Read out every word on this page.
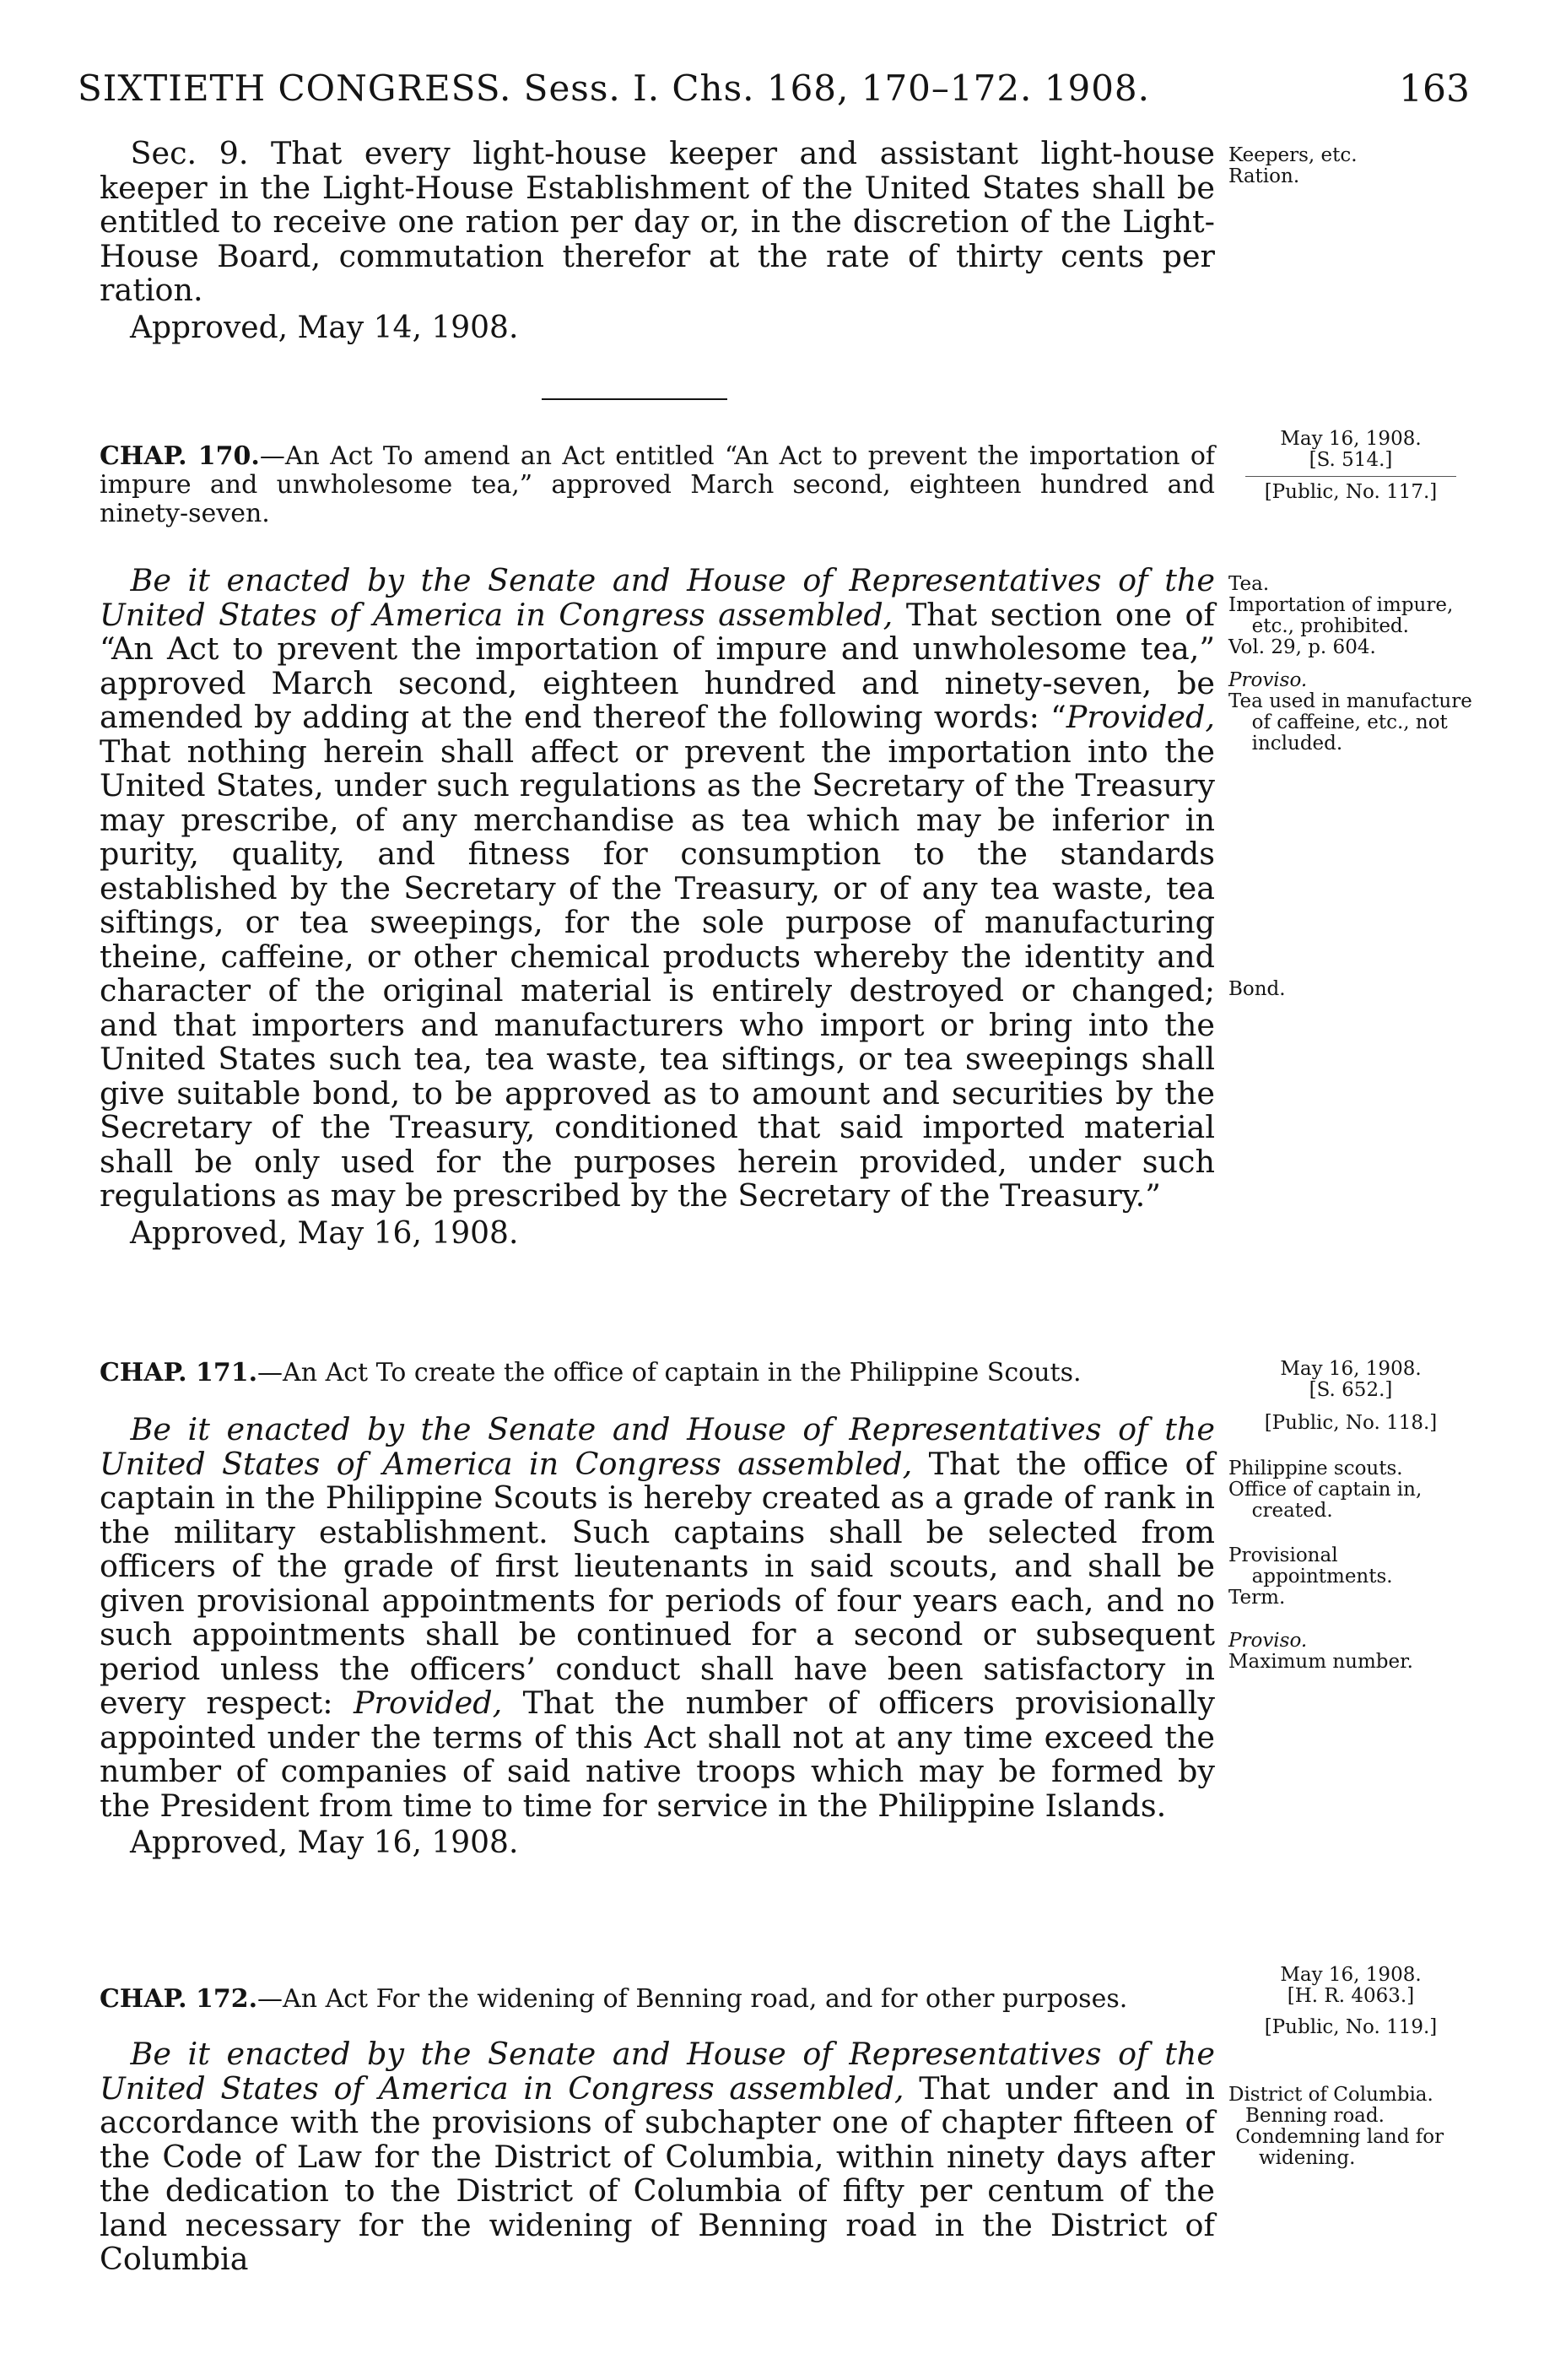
SIXTIETH CONGRESS. Sess. I. Chs. 168, 170–172. 1908.	163

Sec. 9. That every light-house keeper and assistant light-house keeper in the Light-House Establishment of the United States shall be entitled to receive one ration per day or, in the discretion of the Light-House Board, commutation therefor at the rate of thirty cents per ration.

Approved, May 14, 1908.

Keepers, etc.
Ration.

CHAP. 170.—An Act To amend an Act entitled “An Act to prevent the importation of impure and unwholesome tea,” approved March second, eighteen hundred and ninety-seven.

Be it enacted by the Senate and House of Representatives of the United States of America in Congress assembled, That section one of “An Act to prevent the importation of impure and unwholesome tea,” approved March second, eighteen hundred and ninety-seven, be amended by adding at the end thereof the following words: “Provided, That nothing herein shall affect or prevent the importation into the United States, under such regulations as the Secretary of the Treasury may prescribe, of any merchandise as tea which may be inferior in purity, quality, and fitness for consumption to the standards established by the Secretary of the Treasury, or of any tea waste, tea siftings, or tea sweepings, for the sole purpose of manufacturing theine, caffeine, or other chemical products whereby the identity and character of the original material is entirely destroyed or changed; and that importers and manufacturers who import or bring into the United States such tea, tea waste, tea siftings, or tea sweepings shall give suitable bond, to be approved as to amount and securities by the Secretary of the Treasury, conditioned that said imported material shall be only used for the purposes herein provided, under such regulations as may be prescribed by the Secretary of the Treasury.”

Approved, May 16, 1908.

May 16, 1908.
[S. 514.]
[Public, No. 117.]
Tea.
Importation of impure, etc., prohibited.
Vol. 29, p. 604.
Proviso.
Tea used in manufacture of caffeine, etc., not included.
Bond.

CHAP. 171.—An Act To create the office of captain in the Philippine Scouts.

Be it enacted by the Senate and House of Representatives of the United States of America in Congress assembled, That the office of captain in the Philippine Scouts is hereby created as a grade of rank in the military establishment. Such captains shall be selected from officers of the grade of first lieutenants in said scouts, and shall be given provisional appointments for periods of four years each, and no such appointments shall be continued for a second or subsequent period unless the officers’ conduct shall have been satisfactory in every respect: Provided, That the number of officers provisionally appointed under the terms of this Act shall not at any time exceed the number of companies of said native troops which may be formed by the President from time to time for service in the Philippine Islands.

Approved, May 16, 1908.

May 16, 1908.
[S. 652.]
[Public, No. 118.]
Philippine scouts.
Office of captain in, created.
Provisional appointments.
Term.
Proviso.
Maximum number.

CHAP. 172.—An Act For the widening of Benning road, and for other purposes.

Be it enacted by the Senate and House of Representatives of the United States of America in Congress assembled, That under and in accordance with the provisions of subchapter one of chapter fifteen of the Code of Law for the District of Columbia, within ninety days after the dedication to the District of Columbia of fifty per centum of the land necessary for the widening of Benning road in the District of Columbia

May 16, 1908.
[H. R. 4063.]
[Public, No. 119.]
District of Columbia.
Benning road.
Condemning land for widening.
